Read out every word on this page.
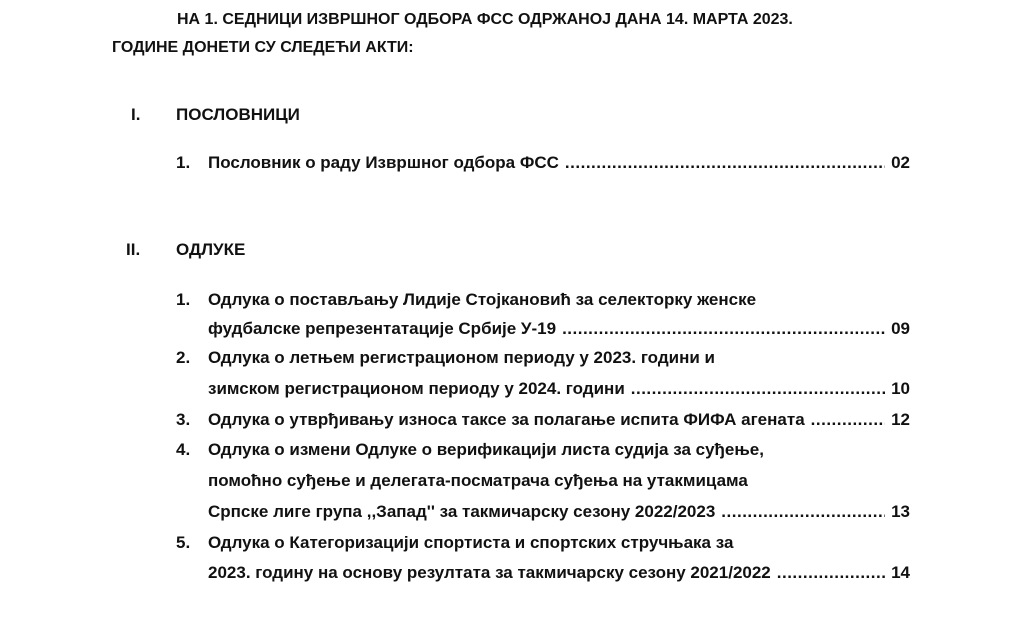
НА 1. СЕДНИЦИ ИЗВРШНОГ ОДБОРА ФСС ОДРЖАНОЈ ДАНА 14. МАРТА 2023.
ГОДИНЕ ДОНЕТИ СУ СЛЕДЕЋИ АКТИ:
I. ПОСЛОВНИЦИ
1. Пословник о раду Извршног одбора ФСС .....	02
II. ОДЛУКЕ
1. Одлука о постављању Лидије Стојкановић за селекторку женске
фудбалске репрезентатације Србије У-19 .....	09
2. Одлука о летњем регистрационом периоду у 2023. години и
зимском регистрационом периоду у 2024. години .....	10
3. Одлука о утврђивању износа таксе за полагање испита ФИФА агената .....	12
4. Одлука о измени Одлуке о верификацији листа судија за суђење,
помоћно суђење и делегата-посматрача суђења на утакмицама
Српске лиге група ,,Запад'' за такмичарску сезону 2022/2023 .....	13
5. Одлука о Категоризацији спортиста и спортских стручњака за
2023. годину на основу резултата за такмичарску сезону 2021/2022 .....	14
